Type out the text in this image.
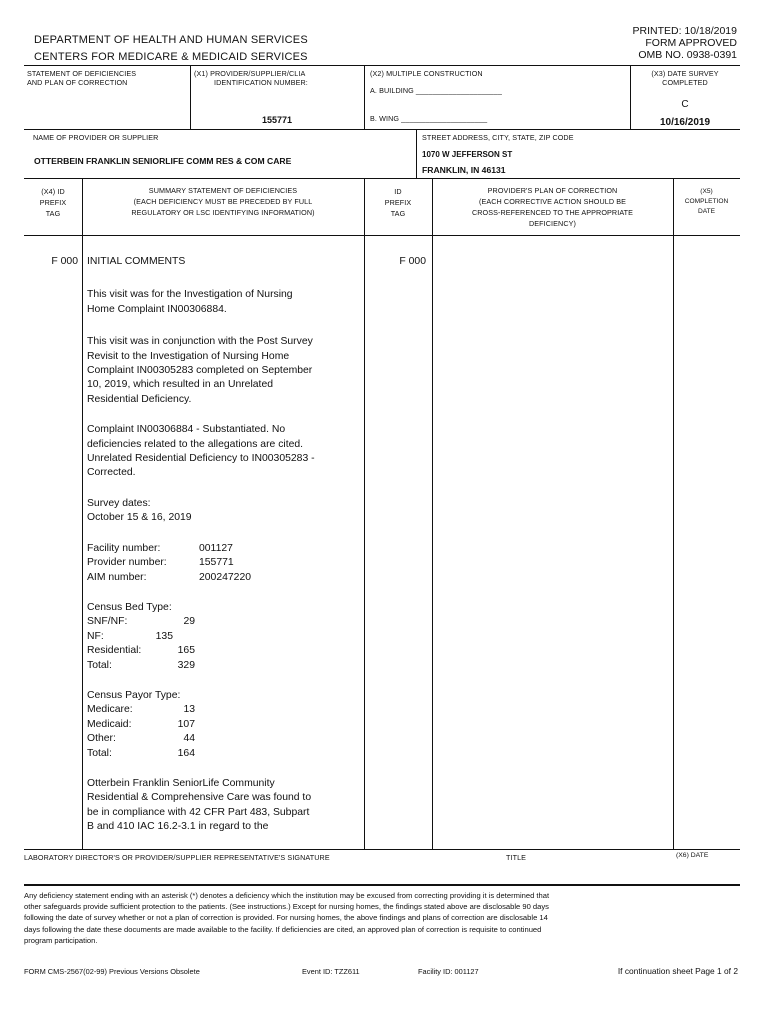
DEPARTMENT OF HEALTH AND HUMAN SERVICES
CENTERS FOR MEDICARE & MEDICAID SERVICES
PRINTED: 10/18/2019
FORM APPROVED
OMB NO. 0938-0391
STATEMENT OF DEFICIENCIES
AND PLAN OF CORRECTION
(X1) PROVIDER/SUPPLIER/CLIA
IDENTIFICATION NUMBER:
155771
(X2) MULTIPLE CONSTRUCTION
A. BUILDING _____________________
B. WING _____________________
(X3) DATE SURVEY
COMPLETED
C
10/16/2019
NAME OF PROVIDER OR SUPPLIER
OTTERBEIN FRANKLIN SENIORLIFE COMM RES & COM CARE
STREET ADDRESS, CITY, STATE, ZIP CODE
1070 W JEFFERSON ST
FRANKLIN, IN 46131
(X4) ID
PREFIX
TAG
SUMMARY STATEMENT OF DEFICIENCIES
(EACH DEFICIENCY MUST BE PRECEDED BY FULL
REGULATORY OR LSC IDENTIFYING INFORMATION)
ID
PREFIX
TAG
PROVIDER'S PLAN OF CORRECTION
(EACH CORRECTIVE ACTION SHOULD BE
CROSS-REFERENCED TO THE APPROPRIATE
DEFICIENCY)
(X5)
COMPLETION
DATE
F 000	F 000
INITIAL COMMENTS
This visit was for the Investigation of Nursing
Home Complaint IN00306884.
This visit was in conjunction with the Post Survey
Revisit to the Investigation of Nursing Home
Complaint IN00305283 completed on September
10, 2019, which resulted in an Unrelated
Residential Deficiency.
Complaint IN00306884 - Substantiated. No
deficiencies related to the allegations are cited.
Unrelated Residential Deficiency to IN00305283 -
Corrected.
Survey dates:
October 15 & 16, 2019
Facility number:	001127
Provider number:	155771
AIM number:	200247220
Census Bed Type:
SNF/NF:	29
NF:	135
Residential:	165
Total:	329
Census Payor Type:
Medicare:	13
Medicaid:	107
Other:	44
Total:	164
Otterbein Franklin SeniorLife Community
Residential & Comprehensive Care was found to
be in compliance with 42 CFR Part 483, Subpart
B and 410 IAC 16.2-3.1 in regard to the
LABORATORY DIRECTOR'S OR PROVIDER/SUPPLIER REPRESENTATIVE'S SIGNATURE	TITLE	(X6) DATE
Any deficiency statement ending with an asterisk (*) denotes a deficiency which the institution may be excused from correcting providing it is determined that
other safeguards provide sufficient protection to the patients. (See instructions.) Except for nursing homes, the findings stated above are disclosable 90 days
following the date of survey whether or not a plan of correction is provided. For nursing homes, the above findings and plans of correction are disclosable 14
days following the date these documents are made available to the facility. If deficiencies are cited, an approved plan of correction is requisite to continued
program participation.
FORM CMS-2567(02-99) Previous Versions Obsolete	Event ID: TZZ611	Facility ID: 001127	If continuation sheet Page 1 of 2
